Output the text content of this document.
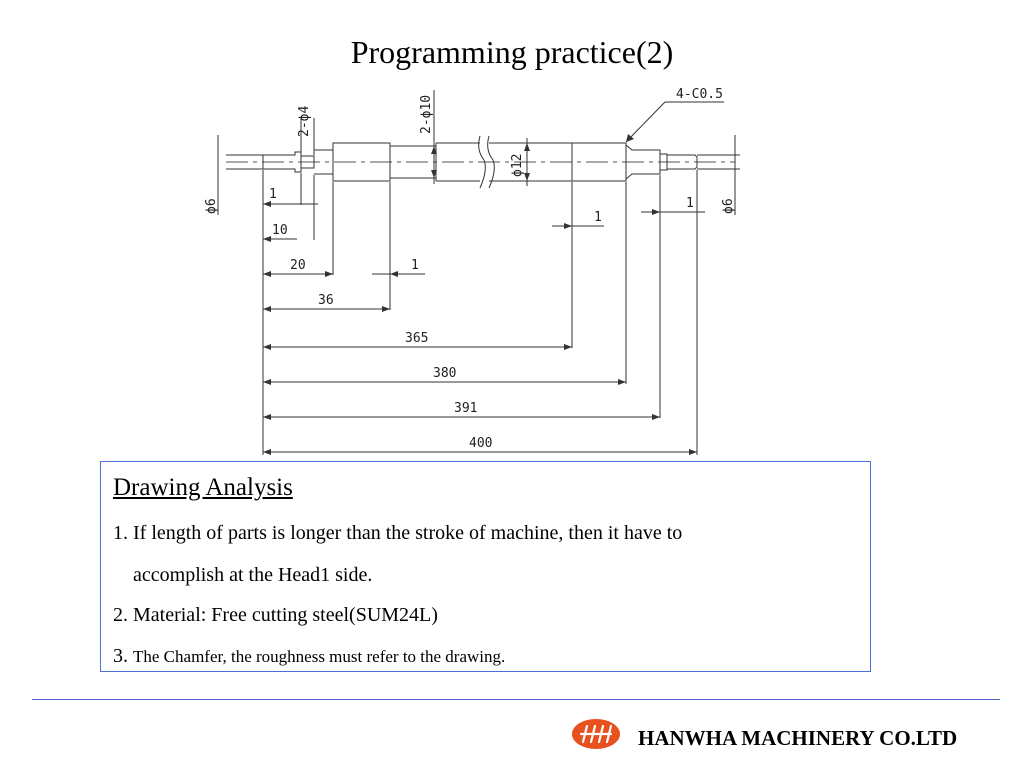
Programming practice(2)
4-C0.5
ϕ6	ϕ6
2-ϕ4	2-ϕ10
ϕ12
1
10
20	1
36
1
1
365
380
391
400
Drawing Analysis
1. If length of parts is longer than the stroke of machine, then it have to
accomplish at the Head1 side.
2. Material: Free cutting steel(SUM24L)
3. The Chamfer, the roughness must refer to the drawing.
HANWHA MACHINERY CO.LTD
